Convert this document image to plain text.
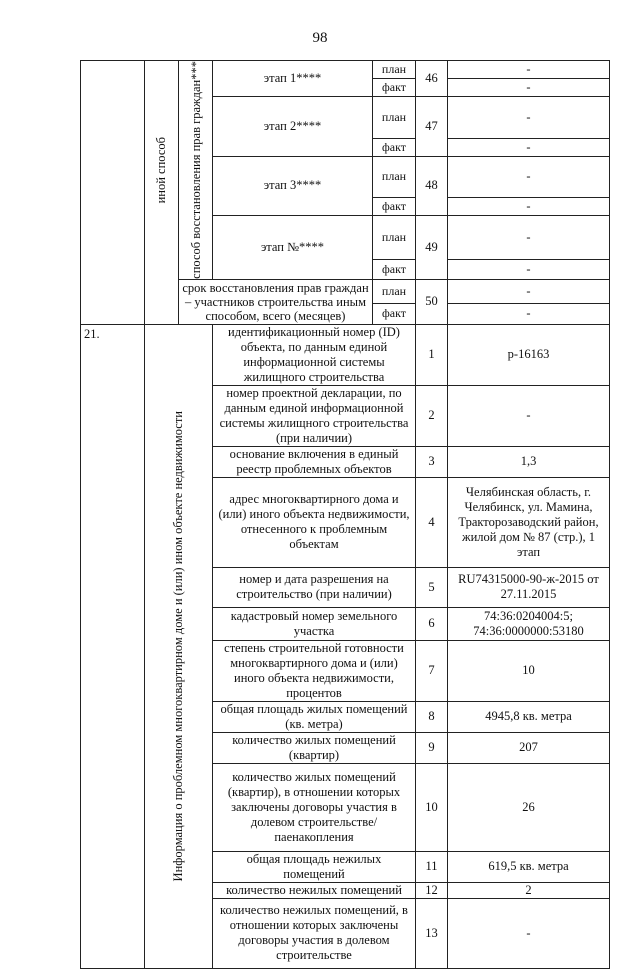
98

	иной способ	способ восстановления прав граждан***	этап 1****	план	46	-
				факт		-
			этап 2****	план	47	-
				факт		-
			этап 3****	план	48	-
				факт		-
			этап №****	план	49	-
				факт		-
		срок восстановления прав граждан – участников строительства иным способом, всего (месяцев)		план	50	-
				факт		-
21.	Информация о проблемном многоквартирном доме и (или) ином объекте недвижимости		идентификационный номер (ID) объекта, по данным единой информационной системы жилищного строительства		1	р-16163
			номер проектной декларации, по данным единой информационной системы жилищного строительства (при наличии)		2	-
			основание включения в единый реестр проблемных объектов		3	1,3
			адрес многоквартирного дома и (или) иного объекта недвижимости, отнесенного к проблемным объектам		4	Челябинская область, г. Челябинск, ул. Мамина, Тракторозаводский район, жилой дом № 87 (стр.), 1 этап
			номер и дата разрешения на строительство (при наличии)		5	RU74315000-90-ж-2015 от 27.11.2015
			кадастровый номер земельного участка		6	74:36:0204004:5; 74:36:0000000:53180
			степень строительной готовности многоквартирного дома и (или) иного объекта недвижимости, процентов		7	10
			общая площадь жилых помещений (кв. метра)		8	4945,8 кв. метра
			количество жилых помещений (квартир)		9	207
			количество жилых помещений (квартир), в отношении которых заключены договоры участия в долевом строительстве/паенакопления		10	26
			общая площадь нежилых помещений		11	619,5 кв. метра
			количество нежилых помещений		12	2
			количество нежилых помещений, в отношении которых заключены договоры участия в долевом строительстве		13	-
